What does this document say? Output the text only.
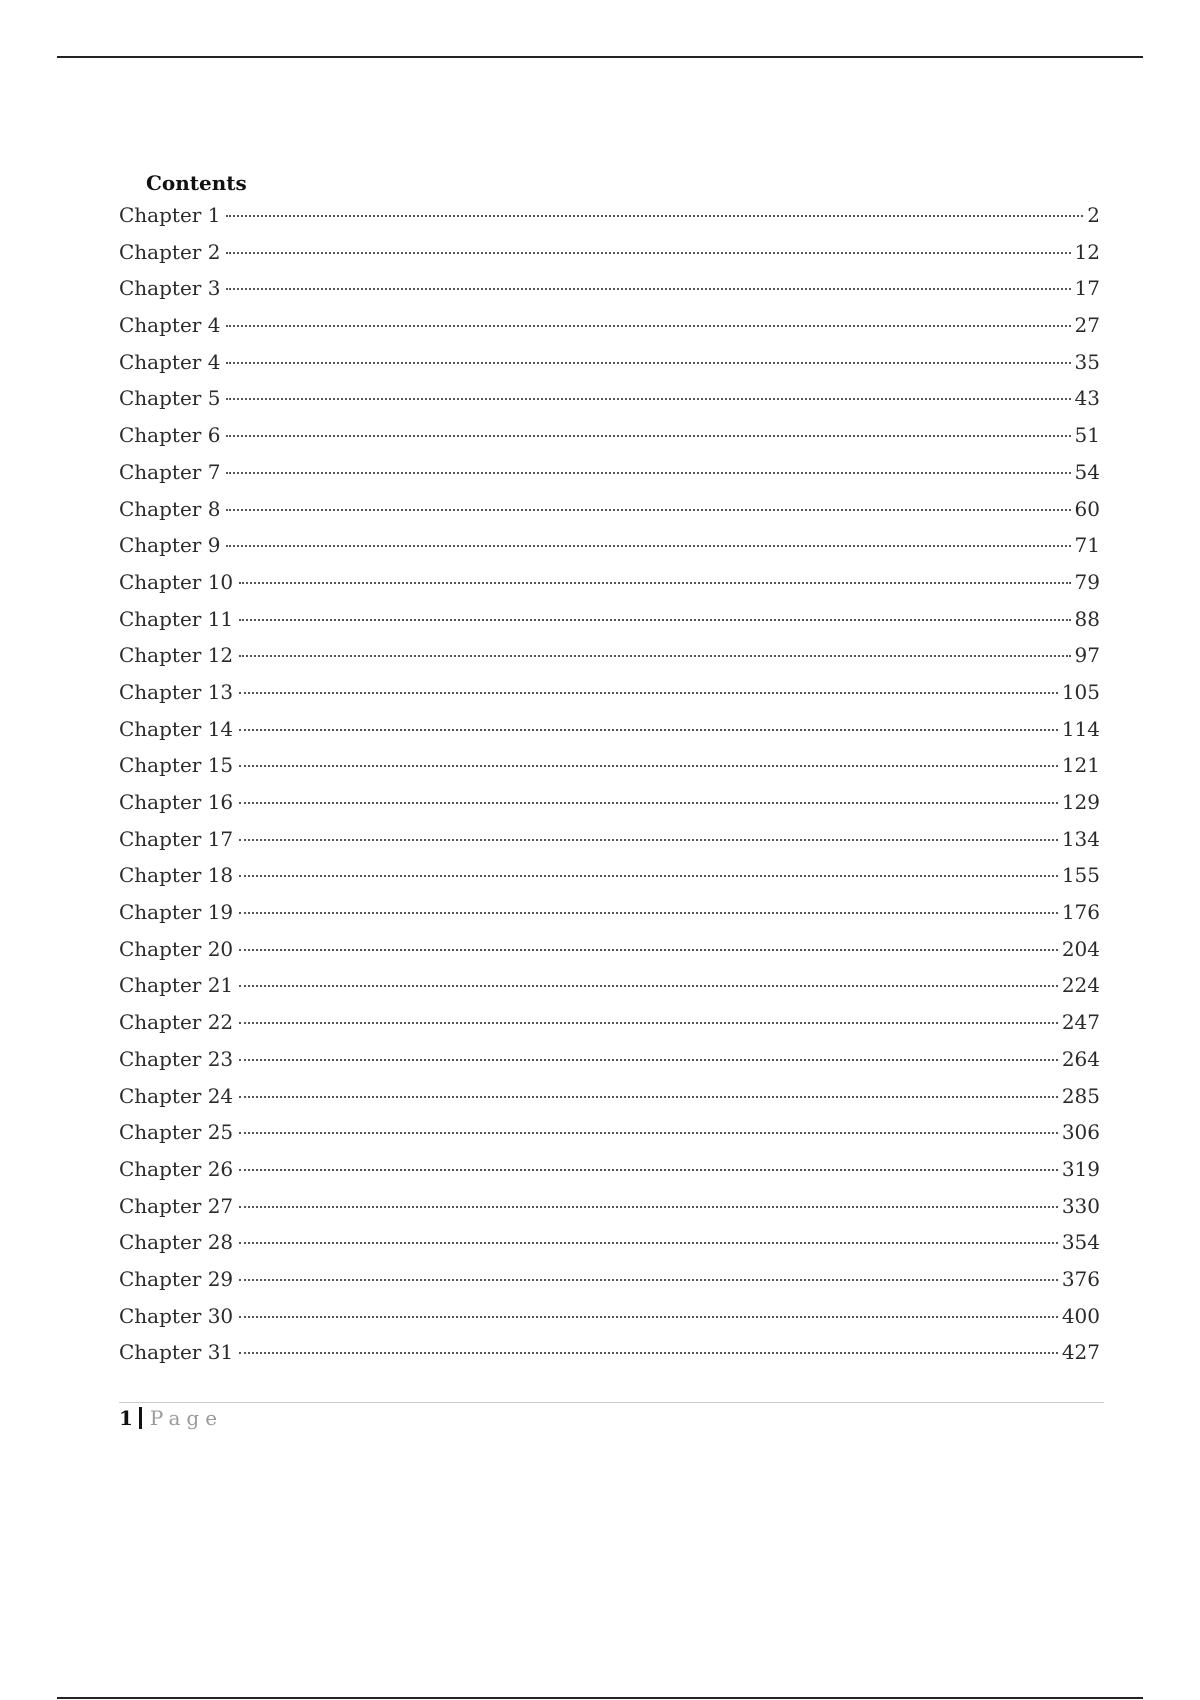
Contents
Chapter 1	2
Chapter 2	12
Chapter 3	17
Chapter 4	27
Chapter 4	35
Chapter 5	43
Chapter 6	51
Chapter 7	54
Chapter 8	60
Chapter 9	71
Chapter 10	79
Chapter 11	88
Chapter 12	97
Chapter 13	105
Chapter 14	114
Chapter 15	121
Chapter 16	129
Chapter 17	134
Chapter 18	155
Chapter 19	176
Chapter 20	204
Chapter 21	224
Chapter 22	247
Chapter 23	264
Chapter 24	285
Chapter 25	306
Chapter 26	319
Chapter 27	330
Chapter 28	354
Chapter 29	376
Chapter 30	400
Chapter 31	427
1 Page
